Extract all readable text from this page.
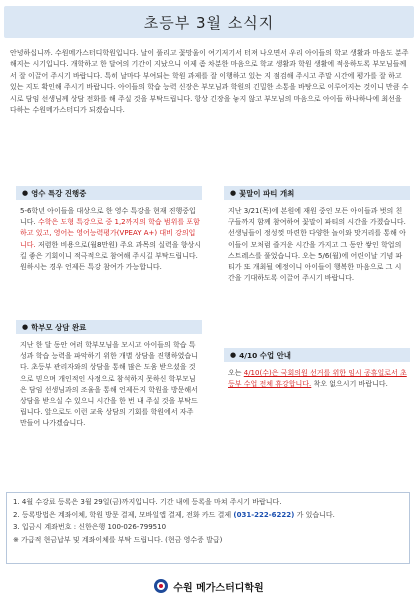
초등부 3월 소식지

안녕하십니까. 수원메가스터디학원입니다. 날이 풀리고 꽃망울이 여기저기서 터져 나오면서 우리 아이들의 학교 생활과 마음도 분주해지는 시기입니다. 개학하고 한 달여의 기간이 지났으니 이제 좀 차분한 마음으로 학교 생활과 학원 생활에 적응하도록 부모님들께서 잘 이끌어 주시기 바랍니다. 특히 날마다 부여되는 학원 과제를 잘 이행하고 있는 지 점검해 주시고 주말 시간에 평가를 잘 하고 있는 지도 확인해 주시기 바랍니다. 아이들의 학습 능력 신장은 부모님과 학원의 긴밀한 소통을 바탕으로 이루어지는 것이니 만큼 수시로 담임 선생님께 상담 전화를 해 주실 것을 부탁드립니다. 항상 긴장을 놓지 않고 부모님의 마음으로 아이들 하나하나에 최선을 다하는 수원메가스터디가 되겠습니다.

● 영수 특강 진행중
5-6학년 아이들을 대상으로 한 영수 특강을 현재 진행중입니다. 수학은 도형 특강으로 중 1,2까지의 학습 범위를 포함하고 있고, 영어는 영어능력평가(VPEAY A+) 대비 강의입니다. 저렴한 비용으로(월8만원) 주요 과목의 실력을 향상시킬 좋은 기회이니 적극적으로 참여해 주시길 부탁드립니다. 원하시는 경우 언제든 특강 참여가 가능합니다.
● 학부모 상담 완료
지난 한 달 동안 여러 학부모님을 모시고 아이들의 학습 특성과 학습 능력을 파악하기 위한 개별 상담을 진행하였습니다. 초등부 관리자와의 상담을 통해 많은 도움 받으셨을 것으로 믿으며 개인적인 사정으로 참석하지 못하신 학부모님은 담임 선생님과의 조율을 통해 언제든지 학원을 방문해서 상담을 받으실 수 있으니 시간을 한 번 내 주실 것을 부탁드립니다. 앞으로도 이런 교육 상담의 기회를 학원에서 자주 만들어 나가겠습니다.
● 꽃말이 파티 개최
지난 3/21(목)에 본원에 재원 중인 모든 아이들과 벗의 친구들까지 함께 참여하여 꽃말이 파티의 시간을 가졌습니다. 선생님들이 정성껏 마련한 다양한 놀이와 맛거리를 통해 아이들이 모처럼 즐거운 시간을 가지고 그 동안 쌓인 학업의 스트레스를 풀었습니다. 오는 5/6(월)에 어린이날 기념 파티가 또 개최될 예정이니 아이들이 행복한 마음으로 그 시간을 기대하도록 이끌어 주시기 바랍니다.
● 4/10 수업 안내
오는 4/10(수)은 국회의원 선거를 위한 임시 공휴일로서 초등부 수업 전체 휴강합니다. 착오 없으시기 바랍니다.
1. 4월 수강료 등록은 3월 29일(금)까지입니다. 기간 내에 등록을 마쳐 주시기 바랍니다.
2. 등록방법은 계좌이체, 학원 방문 결제, 모바일앱 결제, 전화 카드 결제 (031-222-6222) 가 있습니다.
3. 입금시 계좌번호 : 신한은행 100-026-799510
※ 가급적 현금납부 및 계좌이체를 부탁 드립니다. (현금 영수증 발급)
수원 메가스터디학원
